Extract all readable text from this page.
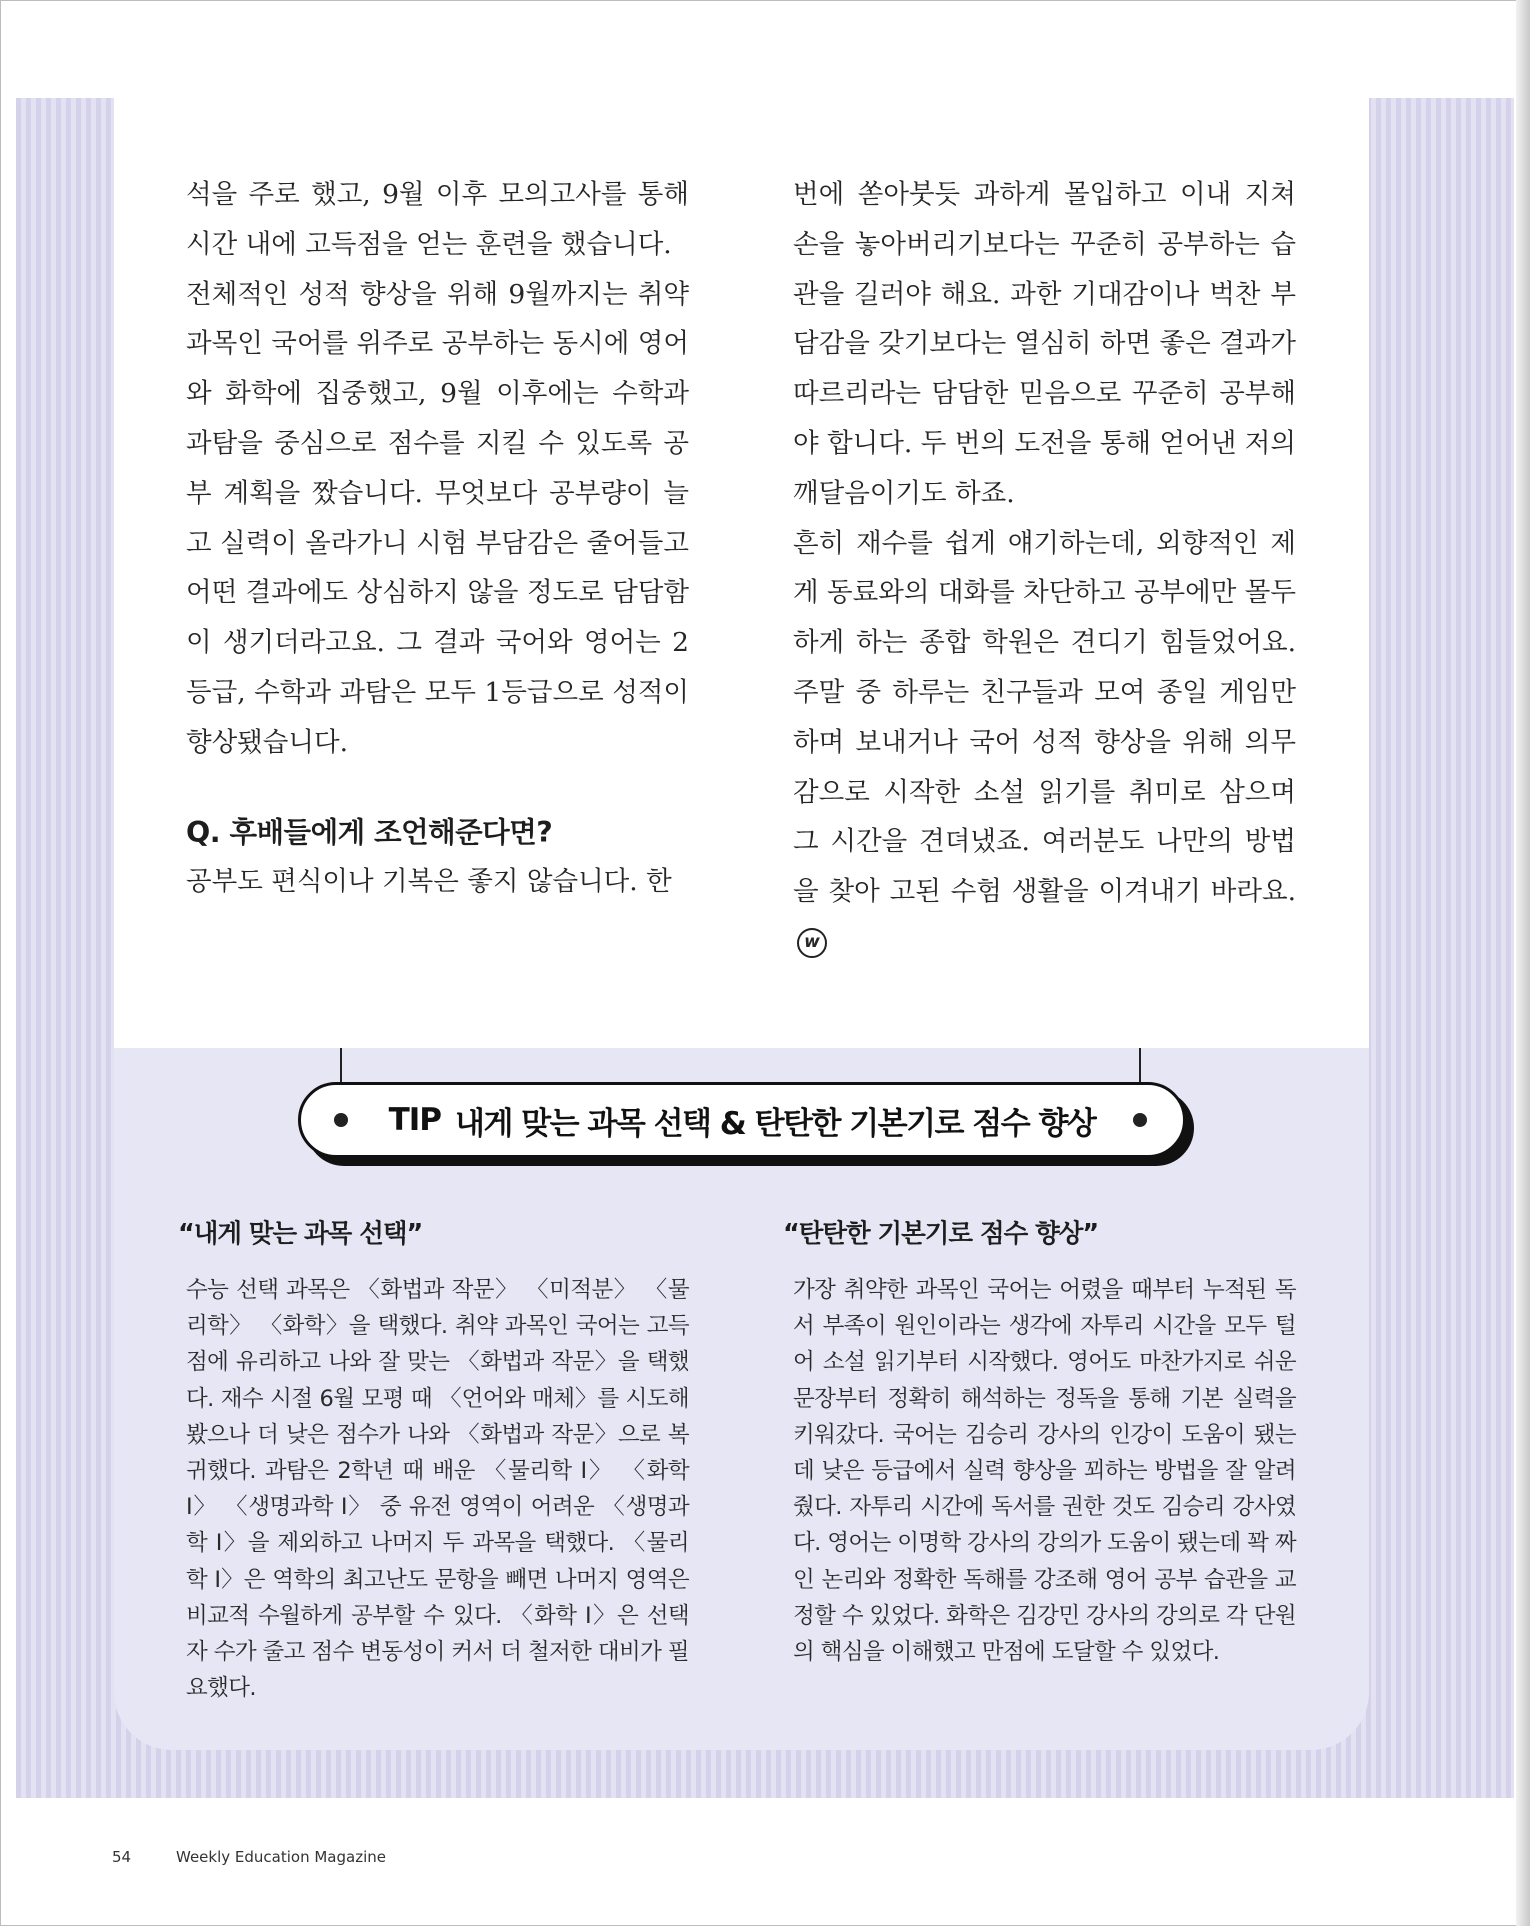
석을 주로 했고, 9월 이후 모의고사를 통해 시간 내에 고득점을 얻는 훈련을 했습니다.
전체적인 성적 향상을 위해 9월까지는 취약 과목인 국어를 위주로 공부하는 동시에 영어와 화학에 집중했고, 9월 이후에는 수학과 과탐을 중심으로 점수를 지킬 수 있도록 공부 계획을 짰습니다. 무엇보다 공부량이 늘고 실력이 올라가니 시험 부담감은 줄어들고 어떤 결과에도 상심하지 않을 정도로 담담함이 생기더라고요. 그 결과 국어와 영어는 2등급, 수학과 과탐은 모두 1등급으로 성적이 향상됐습니다.
Q. 후배들에게 조언해준다면?
공부도 편식이나 기복은 좋지 않습니다. 한
번에 쏟아붓듯 과하게 몰입하고 이내 지쳐 손을 놓아버리기보다는 꾸준히 공부하는 습관을 길러야 해요. 과한 기대감이나 벅찬 부담감을 갖기보다는 열심히 하면 좋은 결과가 따르리라는 담담한 믿음으로 꾸준히 공부해야 합니다. 두 번의 도전을 통해 얻어낸 저의 깨달음이기도 하죠.
흔히 재수를 쉽게 얘기하는데, 외향적인 제게 동료와의 대화를 차단하고 공부에만 몰두하게 하는 종합 학원은 견디기 힘들었어요. 주말 중 하루는 친구들과 모여 종일 게임만 하며 보내거나 국어 성적 향상을 위해 의무감으로 시작한 소설 읽기를 취미로 삼으며 그 시간을 견뎌냈죠. 여러분도 나만의 방법을 찾아 고된 수험 생활을 이겨내기 바라요.w
TIP 내게 맞는 과목 선택 & 탄탄한 기본기로 점수 향상
“내게 맞는 과목 선택”
수능 선택 과목은 〈화법과 작문〉 〈미적분〉 〈물리학〉 〈화학〉을 택했다. 취약 과목인 국어는 고득점에 유리하고 나와 잘 맞는 〈화법과 작문〉을 택했다. 재수 시절 6월 모평 때 〈언어와 매체〉를 시도해봤으나 더 낮은 점수가 나와 〈화법과 작문〉으로 복귀했다. 과탐은 2학년 때 배운 〈물리학 I〉 〈화학 I〉 〈생명과학 I〉 중 유전 영역이 어려운 〈생명과학 I〉을 제외하고 나머지 두 과목을 택했다. 〈물리학 I〉은 역학의 최고난도 문항을 빼면 나머지 영역은 비교적 수월하게 공부할 수 있다. 〈화학 I〉은 선택자 수가 줄고 점수 변동성이 커서 더 철저한 대비가 필요했다.
“탄탄한 기본기로 점수 향상”
가장 취약한 과목인 국어는 어렸을 때부터 누적된 독서 부족이 원인이라는 생각에 자투리 시간을 모두 털어 소설 읽기부터 시작했다. 영어도 마찬가지로 쉬운 문장부터 정확히 해석하는 정독을 통해 기본 실력을 키워갔다. 국어는 김승리 강사의 인강이 도움이 됐는데 낮은 등급에서 실력 향상을 꾀하는 방법을 잘 알려줬다. 자투리 시간에 독서를 권한 것도 김승리 강사였다. 영어는 이명학 강사의 강의가 도움이 됐는데 꽉 짜인 논리와 정확한 독해를 강조해 영어 공부 습관을 교정할 수 있었다. 화학은 김강민 강사의 강의로 각 단원의 핵심을 이해했고 만점에 도달할 수 있었다.
54	Weekly Education Magazine
